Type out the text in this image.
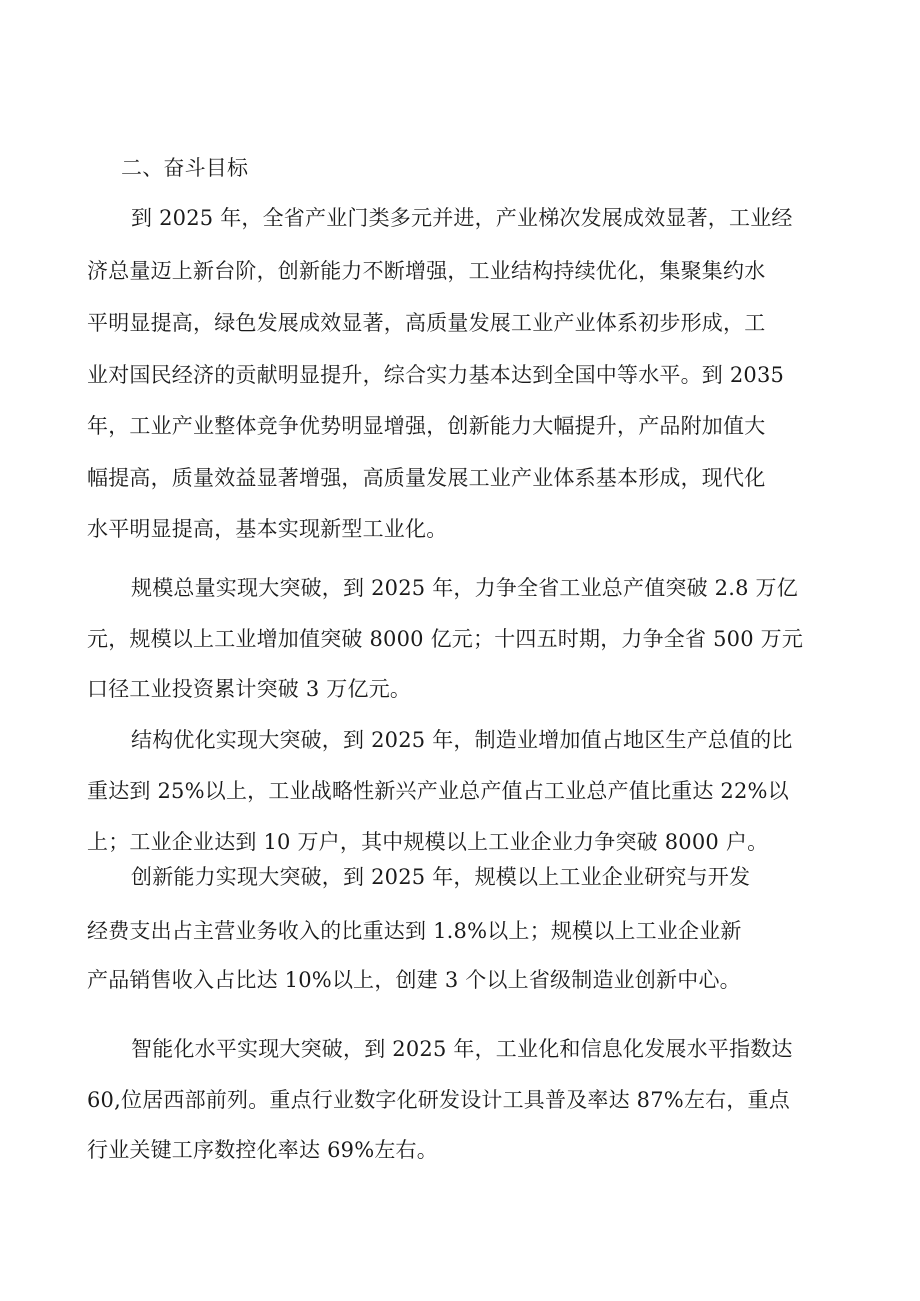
二、奋斗目标

到 2025 年，全省产业门类多元并进，产业梯次发展成效显著，工业经

济总量迈上新台阶，创新能力不断增强，工业结构持续优化，集聚集约水

平明显提高，绿色发展成效显著，高质量发展工业产业体系初步形成，工

业对国民经济的贡献明显提升，综合实力基本达到全国中等水平。到 2035

年，工业产业整体竞争优势明显增强，创新能力大幅提升，产品附加值大

幅提高，质量效益显著增强，高质量发展工业产业体系基本形成，现代化

水平明显提高，基本实现新型工业化。

规模总量实现大突破，到 2025 年，力争全省工业总产值突破 2.8 万亿

元，规模以上工业增加值突破 8000 亿元；十四五时期，力争全省 500 万元

口径工业投资累计突破 3 万亿元。

结构优化实现大突破，到 2025 年，制造业增加值占地区生产总值的比

重达到 25%以上，工业战略性新兴产业总产值占工业总产值比重达 22%以

上；工业企业达到 10 万户，其中规模以上工业企业力争突破 8000 户。

创新能力实现大突破，到 2025 年，规模以上工业企业研究与开发

经费支出占主营业务收入的比重达到 1.8%以上；规模以上工业企业新

产品销售收入占比达 10%以上，创建 3 个以上省级制造业创新中心。

智能化水平实现大突破，到 2025 年，工业化和信息化发展水平指数达

60,位居西部前列。重点行业数字化研发设计工具普及率达 87%左右，重点

行业关键工序数控化率达 69%左右。
